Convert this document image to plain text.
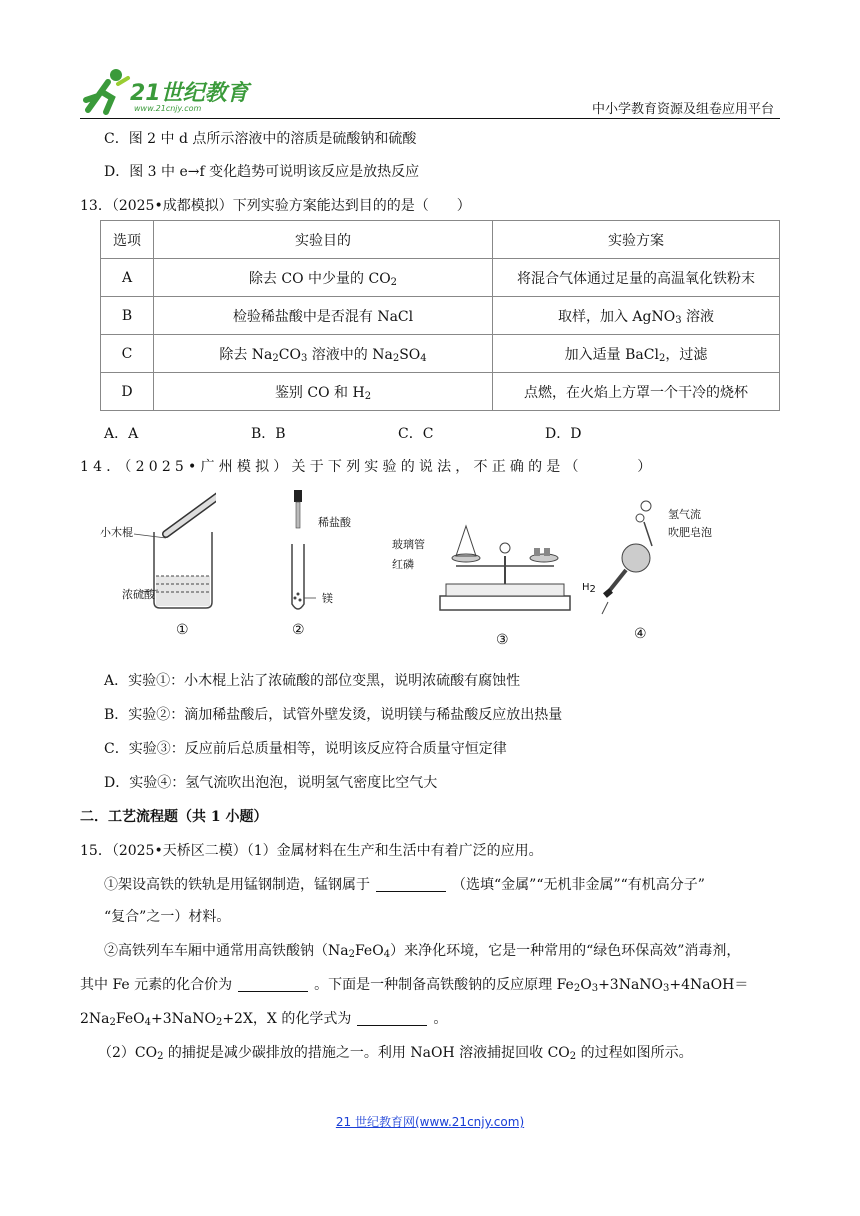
21世纪教育
www.21cnjy.com	中小学教育资源及组卷应用平台
C．图 2 中 d 点所示溶液中的溶质是硫酸钠和硫酸
D．图 3 中 e→f 变化趋势可说明该反应是放热反应
13．（2025•成都模拟）下列实验方案能达到目的的是（　　）
选项	实验目的	实验方案
A	除去 CO 中少量的 $CO_2$	将混合气体通过足量的高温氧化铁粉末
B	检验稀盐酸中是否混有 NaCl	取样，加入 AgNO$_3$ 溶液
C	除去 $Na_2CO_3$ 溶液中的 $Na_2SO_4$	加入适量 BaCl$_2$，过滤
D	鉴别 CO 和 $H_2$	点燃，在火焰上方罩一个干冷的烧杯
A．A	B．B	C．C	D．D
14．（2025•广州模拟）关于下列实验的说法，不正确的是（　　　）
小木棍
浓硫酸
①
稀盐酸
镁
②
玻璃管
红磷
③
氢气流
吹肥皂泡
$H_2$
④
A．实验①：小木棍上沾了浓硫酸的部位变黑，说明浓硫酸有腐蚀性
B．实验②：滴加稀盐酸后，试管外壁发烫，说明镁与稀盐酸反应放出热量
C．实验③：反应前后总质量相等，说明该反应符合质量守恒定律
D．实验④：氢气流吹出泡泡，说明氢气密度比空气大
二．工艺流程题（共 1 小题）
15．（2025•天桥区二模）（1）金属材料在生产和生活中有着广泛的应用。
①架设高铁的铁轨是用锰钢制造，锰钢属于	（选填“金属”“无机非金属”“有机高分子”
“复合”之一）材料。
②高铁列车车厢中通常用高铁酸钠$(Na_2FeO_4)$来净化环境，它是一种常用的“绿色环保高效”消毒剂，
其中 Fe 元素的化合价为	。下面是一种制备高铁酸钠的反应原理 $Fe_2O_3+3NaNO_3+4NaOH=$
$2Na_2FeO_4+3NaNO_2+2X$，X 的化学式为	。
$(2)CO_2$ 的捕捉是减少碳排放的措施之一。利用 NaOH 溶液捕捉回收 $CO_2$ 的过程如图所示。
21 世纪教育网(www.21cnjy.com)
